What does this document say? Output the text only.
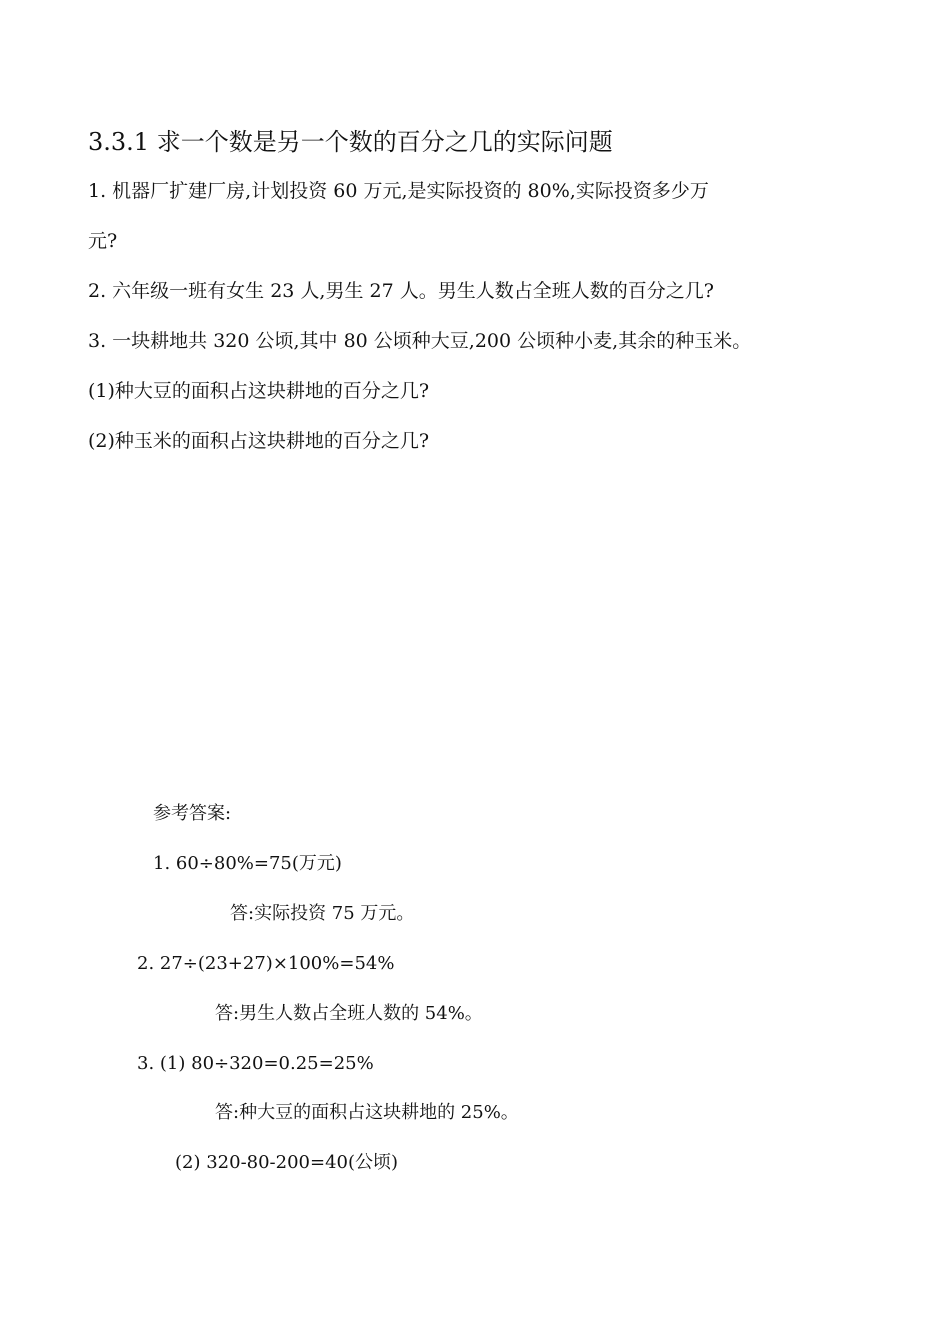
3.3.1 求一个数是另一个数的百分之几的实际问题
1. 机器厂扩建厂房,计划投资 60 万元,是实际投资的 80%,实际投资多少万
元?
2. 六年级一班有女生 23 人,男生 27 人。男生人数占全班人数的百分之几?
3. 一块耕地共 320 公顷,其中 80 公顷种大豆,200 公顷种小麦,其余的种玉米。
(1)种大豆的面积占这块耕地的百分之几?
(2)种玉米的面积占这块耕地的百分之几?
参考答案:
1. 60÷80%=75(万元)
答:实际投资 75 万元。
2. 27÷(23+27)×100%=54%
答:男生人数占全班人数的 54%。
3. (1) 80÷320=0.25=25%
答:种大豆的面积占这块耕地的 25%。
(2) 320-80-200=40(公顷)
